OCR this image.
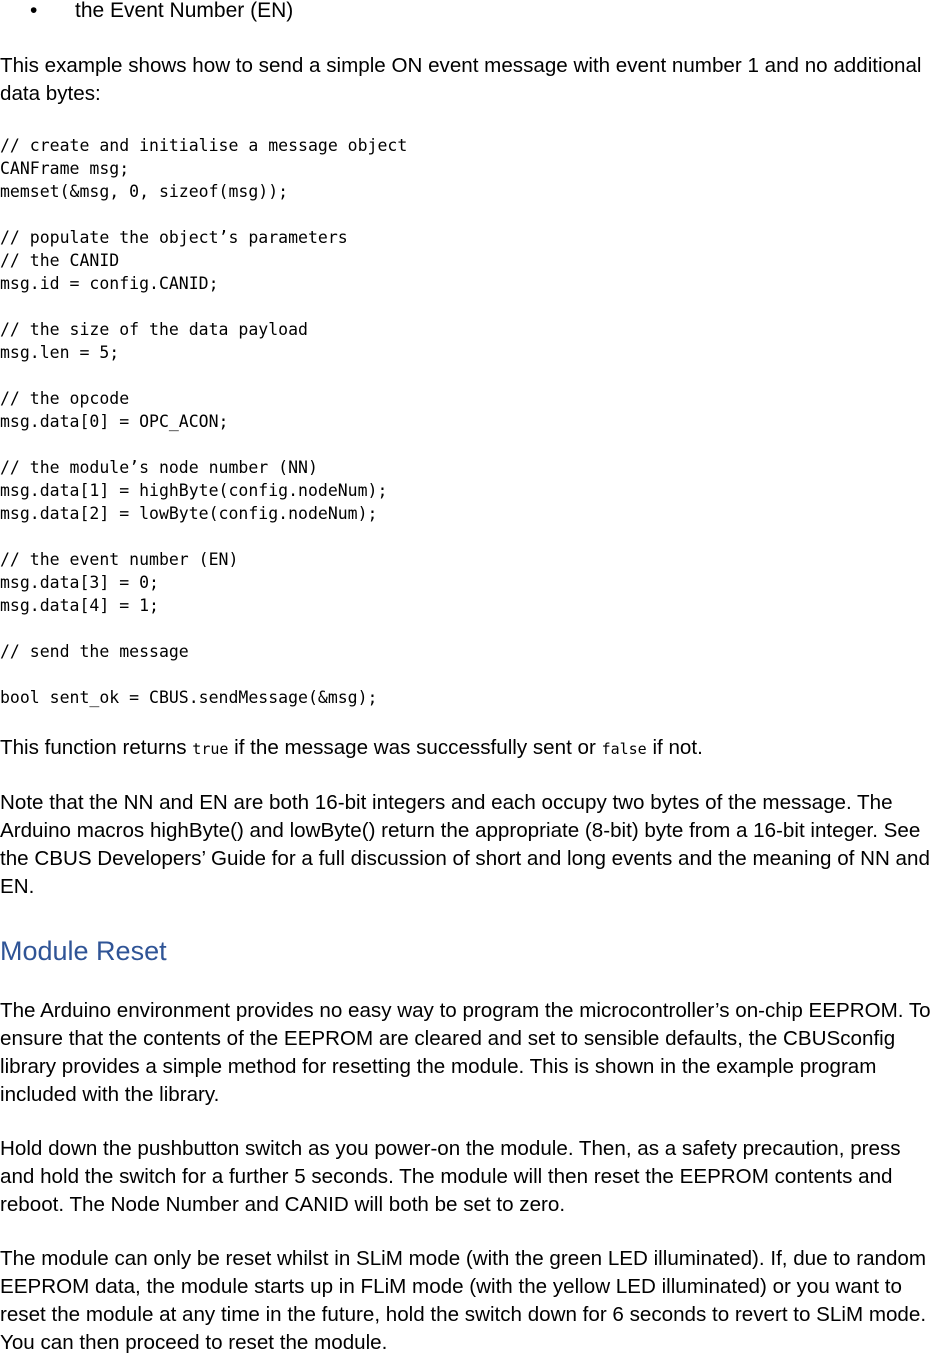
• the Event Number (EN)

This example shows how to send a simple ON event message with event number 1 and no additional data bytes:

// create and initialise a message object
CANFrame msg;
memset(&msg, 0, sizeof(msg));
// populate the object’s parameters
// the CANID
msg.id = config.CANID;
// the size of the data payload
msg.len = 5;
// the opcode
msg.data[0] = OPC_ACON;
// the module’s node number (NN)
msg.data[1] = highByte(config.nodeNum);
msg.data[2] = lowByte(config.nodeNum);
// the event number (EN)
msg.data[3] = 0;
msg.data[4] = 1;
// send the message
bool sent_ok = CBUS.sendMessage(&msg);

This function returns true if the message was successfully sent or false if not.

Note that the NN and EN are both 16-bit integers and each occupy two bytes of the message. The Arduino macros highByte() and lowByte() return the appropriate (8-bit) byte from a 16-bit integer. See the CBUS Developers’ Guide for a full discussion of short and long events and the meaning of NN and EN.

Module Reset

The Arduino environment provides no easy way to program the microcontroller’s on-chip EEPROM. To ensure that the contents of the EEPROM are cleared and set to sensible defaults, the CBUSconfig library provides a simple method for resetting the module. This is shown in the example program included with the library.

Hold down the pushbutton switch as you power-on the module. Then, as a safety precaution, press and hold the switch for a further 5 seconds. The module will then reset the EEPROM contents and reboot. The Node Number and CANID will both be set to zero.

The module can only be reset whilst in SLiM mode (with the green LED illuminated). If, due to random EEPROM data, the module starts up in FLiM mode (with the yellow LED illuminated) or you want to reset the module at any time in the future, hold the switch down for 6 seconds to revert to SLiM mode. You can then proceed to reset the module.
